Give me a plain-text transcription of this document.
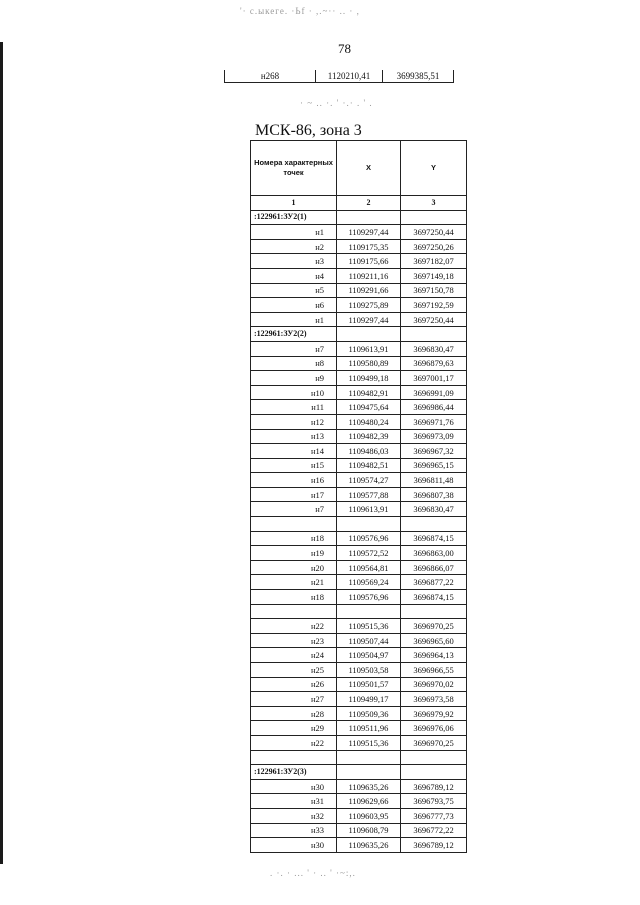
'· с.ыкеге. ·Ьf · ,.~·· .. · ,
· ~ .. ·. ' ·.· . ' .
. ·. · ... ' · .. ' ·~:,.
78
н268	1120210,41	3699385,51
МСК-86, зона 3
Номера характерных точек	X	Y
1	2	3
:122961:ЗУ2(1)		
н1	1109297,44	3697250,44
н2	1109175,35	3697250,26
н3	1109175,66	3697182,07
н4	1109211,16	3697149,18
н5	1109291,66	3697150,78
н6	1109275,89	3697192,59
н1	1109297,44	3697250,44
:122961:ЗУ2(2)		
н7	1109613,91	3696830,47
н8	1109580,89	3696879,63
н9	1109499,18	3697001,17
н10	1109482,91	3696991,09
н11	1109475,64	3696986,44
н12	1109480,24	3696971,76
н13	1109482,39	3696973,09
н14	1109486,03	3696967,32
н15	1109482,51	3696965,15
н16	1109574,27	3696811,48
н17	1109577,88	3696807,38
н7	1109613,91	3696830,47

н18	1109576,96	3696874,15
н19	1109572,52	3696863,00
н20	1109564,81	3696866,07
н21	1109569,24	3696877,22
н18	1109576,96	3696874,15

н22	1109515,36	3696970,25
н23	1109507,44	3696965,60
н24	1109504,97	3696964,13
н25	1109503,58	3696966,55
н26	1109501,57	3696970,02
н27	1109499,17	3696973,58
н28	1109509,36	3696979,92
н29	1109511,96	3696976,06
н22	1109515,36	3696970,25

:122961:ЗУ2(3)		
н30	1109635,26	3696789,12
н31	1109629,66	3696793,75
н32	1109603,95	3696777,73
н33	1109608,79	3696772,22
н30	1109635,26	3696789,12
